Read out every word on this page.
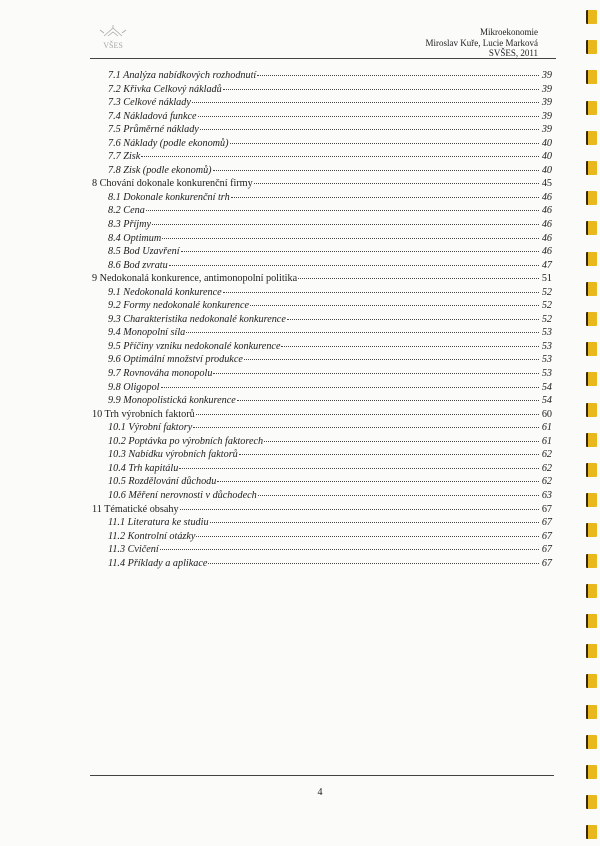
VŠES
Mikroekonomie
Miroslav Kuře, Lucie Marková
SVŠES, 2011
7.1 Analýza nabídkových rozhodnutí	39
7.2 Křivka Celkový nákladů	39
7.3 Celkové náklady	39
7.4 Nákladová funkce	39
7.5 Průměrné náklady	39
7.6 Náklady (podle ekonomů)	40
7.7 Zisk	40
7.8 Zisk (podle ekonomů)	40
8 Chování dokonale konkurenční firmy	45
8.1 Dokonale konkurenční trh	46
8.2 Cena	46
8.3 Příjmy	46
8.4 Optimum	46
8.5 Bod Uzavření	46
8.6 Bod zvratu	47
9 Nedokonalá konkurence, antimonopolní politika	51
9.1 Nedokonalá konkurence	52
9.2 Formy nedokonalé konkurence	52
9.3 Charakteristika nedokonalé konkurence	52
9.4 Monopolní síla	53
9.5 Příčiny vzniku nedokonalé konkurence	53
9.6 Optimální množství produkce	53
9.7 Rovnováha monopolu	53
9.8 Oligopol	54
9.9 Monopolistická konkurence	54
10 Trh výrobních faktorů	60
10.1 Výrobní faktory	61
10.2 Poptávka po výrobních faktorech	61
10.3 Nabídku výrobních faktorů	62
10.4 Trh kapitálu	62
10.5 Rozdělování důchodu	62
10.6 Měření nerovnosti v důchodech	63
11 Tématické obsahy	67
11.1 Literatura ke studiu	67
11.2 Kontrolní otázky	67
11.3 Cvičení	67
11.4 Příklady a aplikace	67
4
